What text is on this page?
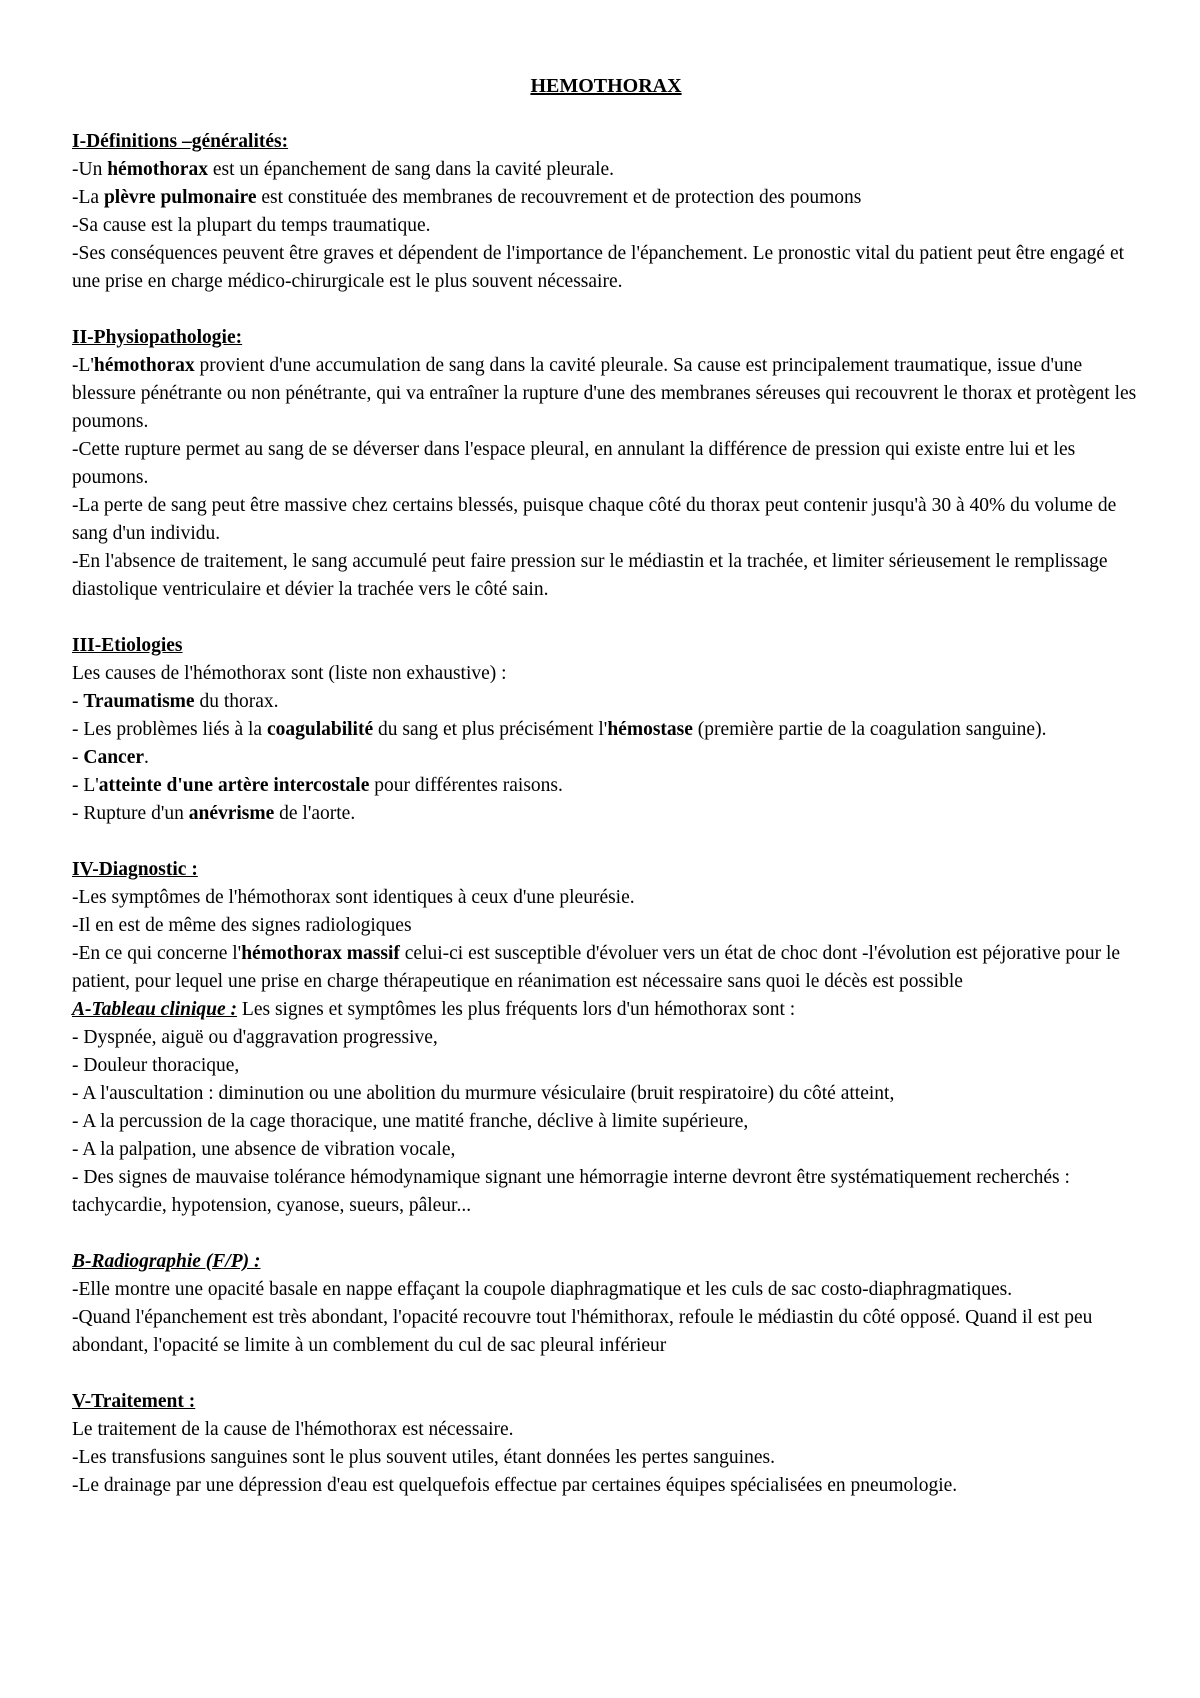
HEMOTHORAX
I-Définitions –généralités:

-Un hémothorax est un épanchement de sang dans la cavité pleurale.

-La plèvre pulmonaire est constituée des membranes de recouvrement et de protection des poumons

-Sa cause est la plupart du temps traumatique.

-Ses conséquences peuvent être graves et dépendent de l'importance de l'épanchement. Le pronostic vital du patient peut être engagé et une prise en charge médico-chirurgicale est le plus souvent nécessaire.

II-Physiopathologie:

-L'hémothorax provient d'une accumulation de sang dans la cavité pleurale. Sa cause est principalement traumatique, issue d'une blessure pénétrante ou non pénétrante, qui va entraîner la rupture d'une des membranes séreuses qui recouvrent le thorax et protègent les poumons.

-Cette rupture permet au sang de se déverser dans l'espace pleural, en annulant la différence de pression qui existe entre lui et les poumons.

-La perte de sang peut être massive chez certains blessés, puisque chaque côté du thorax peut contenir jusqu'à 30 à 40% du volume de sang d'un individu.

-En l'absence de traitement, le sang accumulé peut faire pression sur le médiastin et la trachée, et limiter sérieusement le remplissage diastolique ventriculaire et dévier la trachée vers le côté sain.

III-Etiologies

Les causes de l'hémothorax sont (liste non exhaustive) :

- Traumatisme du thorax.

- Les problèmes liés à la coagulabilité du sang et plus précisément l'hémostase (première partie de la coagulation sanguine).

- Cancer.

- L'atteinte d'une artère intercostale pour différentes raisons.

- Rupture d'un anévrisme de l'aorte.

IV-Diagnostic :

-Les symptômes de l'hémothorax sont identiques à ceux d'une pleurésie.

-Il en est de même des signes radiologiques

-En ce qui concerne l'hémothorax massif celui-ci est susceptible d'évoluer vers un état de choc dont -l'évolution est péjorative pour le patient, pour lequel une prise en charge thérapeutique en réanimation est nécessaire sans quoi le décès est possible

A-Tableau clinique : Les signes et symptômes les plus fréquents lors d'un hémothorax sont :

- Dyspnée, aiguë ou d'aggravation progressive,

- Douleur thoracique,

- A l'auscultation : diminution ou une abolition du murmure vésiculaire (bruit respiratoire) du côté atteint,

- A la percussion de la cage thoracique, une matité franche, déclive à limite supérieure,

- A la palpation, une absence de vibration vocale,

- Des signes de mauvaise tolérance hémodynamique signant une hémorragie interne devront être systématiquement recherchés : tachycardie, hypotension, cyanose, sueurs, pâleur...

B-Radiographie (F/P) :

-Elle montre une opacité basale en nappe effaçant la coupole diaphragmatique et les culs de sac costo-diaphragmatiques.

-Quand l'épanchement est très abondant, l'opacité recouvre tout l'hémithorax, refoule le médiastin du côté opposé. Quand il est peu abondant, l'opacité se limite à un comblement du cul de sac pleural inférieur

V-Traitement :

Le traitement de la cause de l'hémothorax est nécessaire.

-Les transfusions sanguines sont le plus souvent utiles, étant données les pertes sanguines.

-Le drainage par une dépression d'eau est quelquefois effectue par certaines équipes spécialisées en pneumologie.
